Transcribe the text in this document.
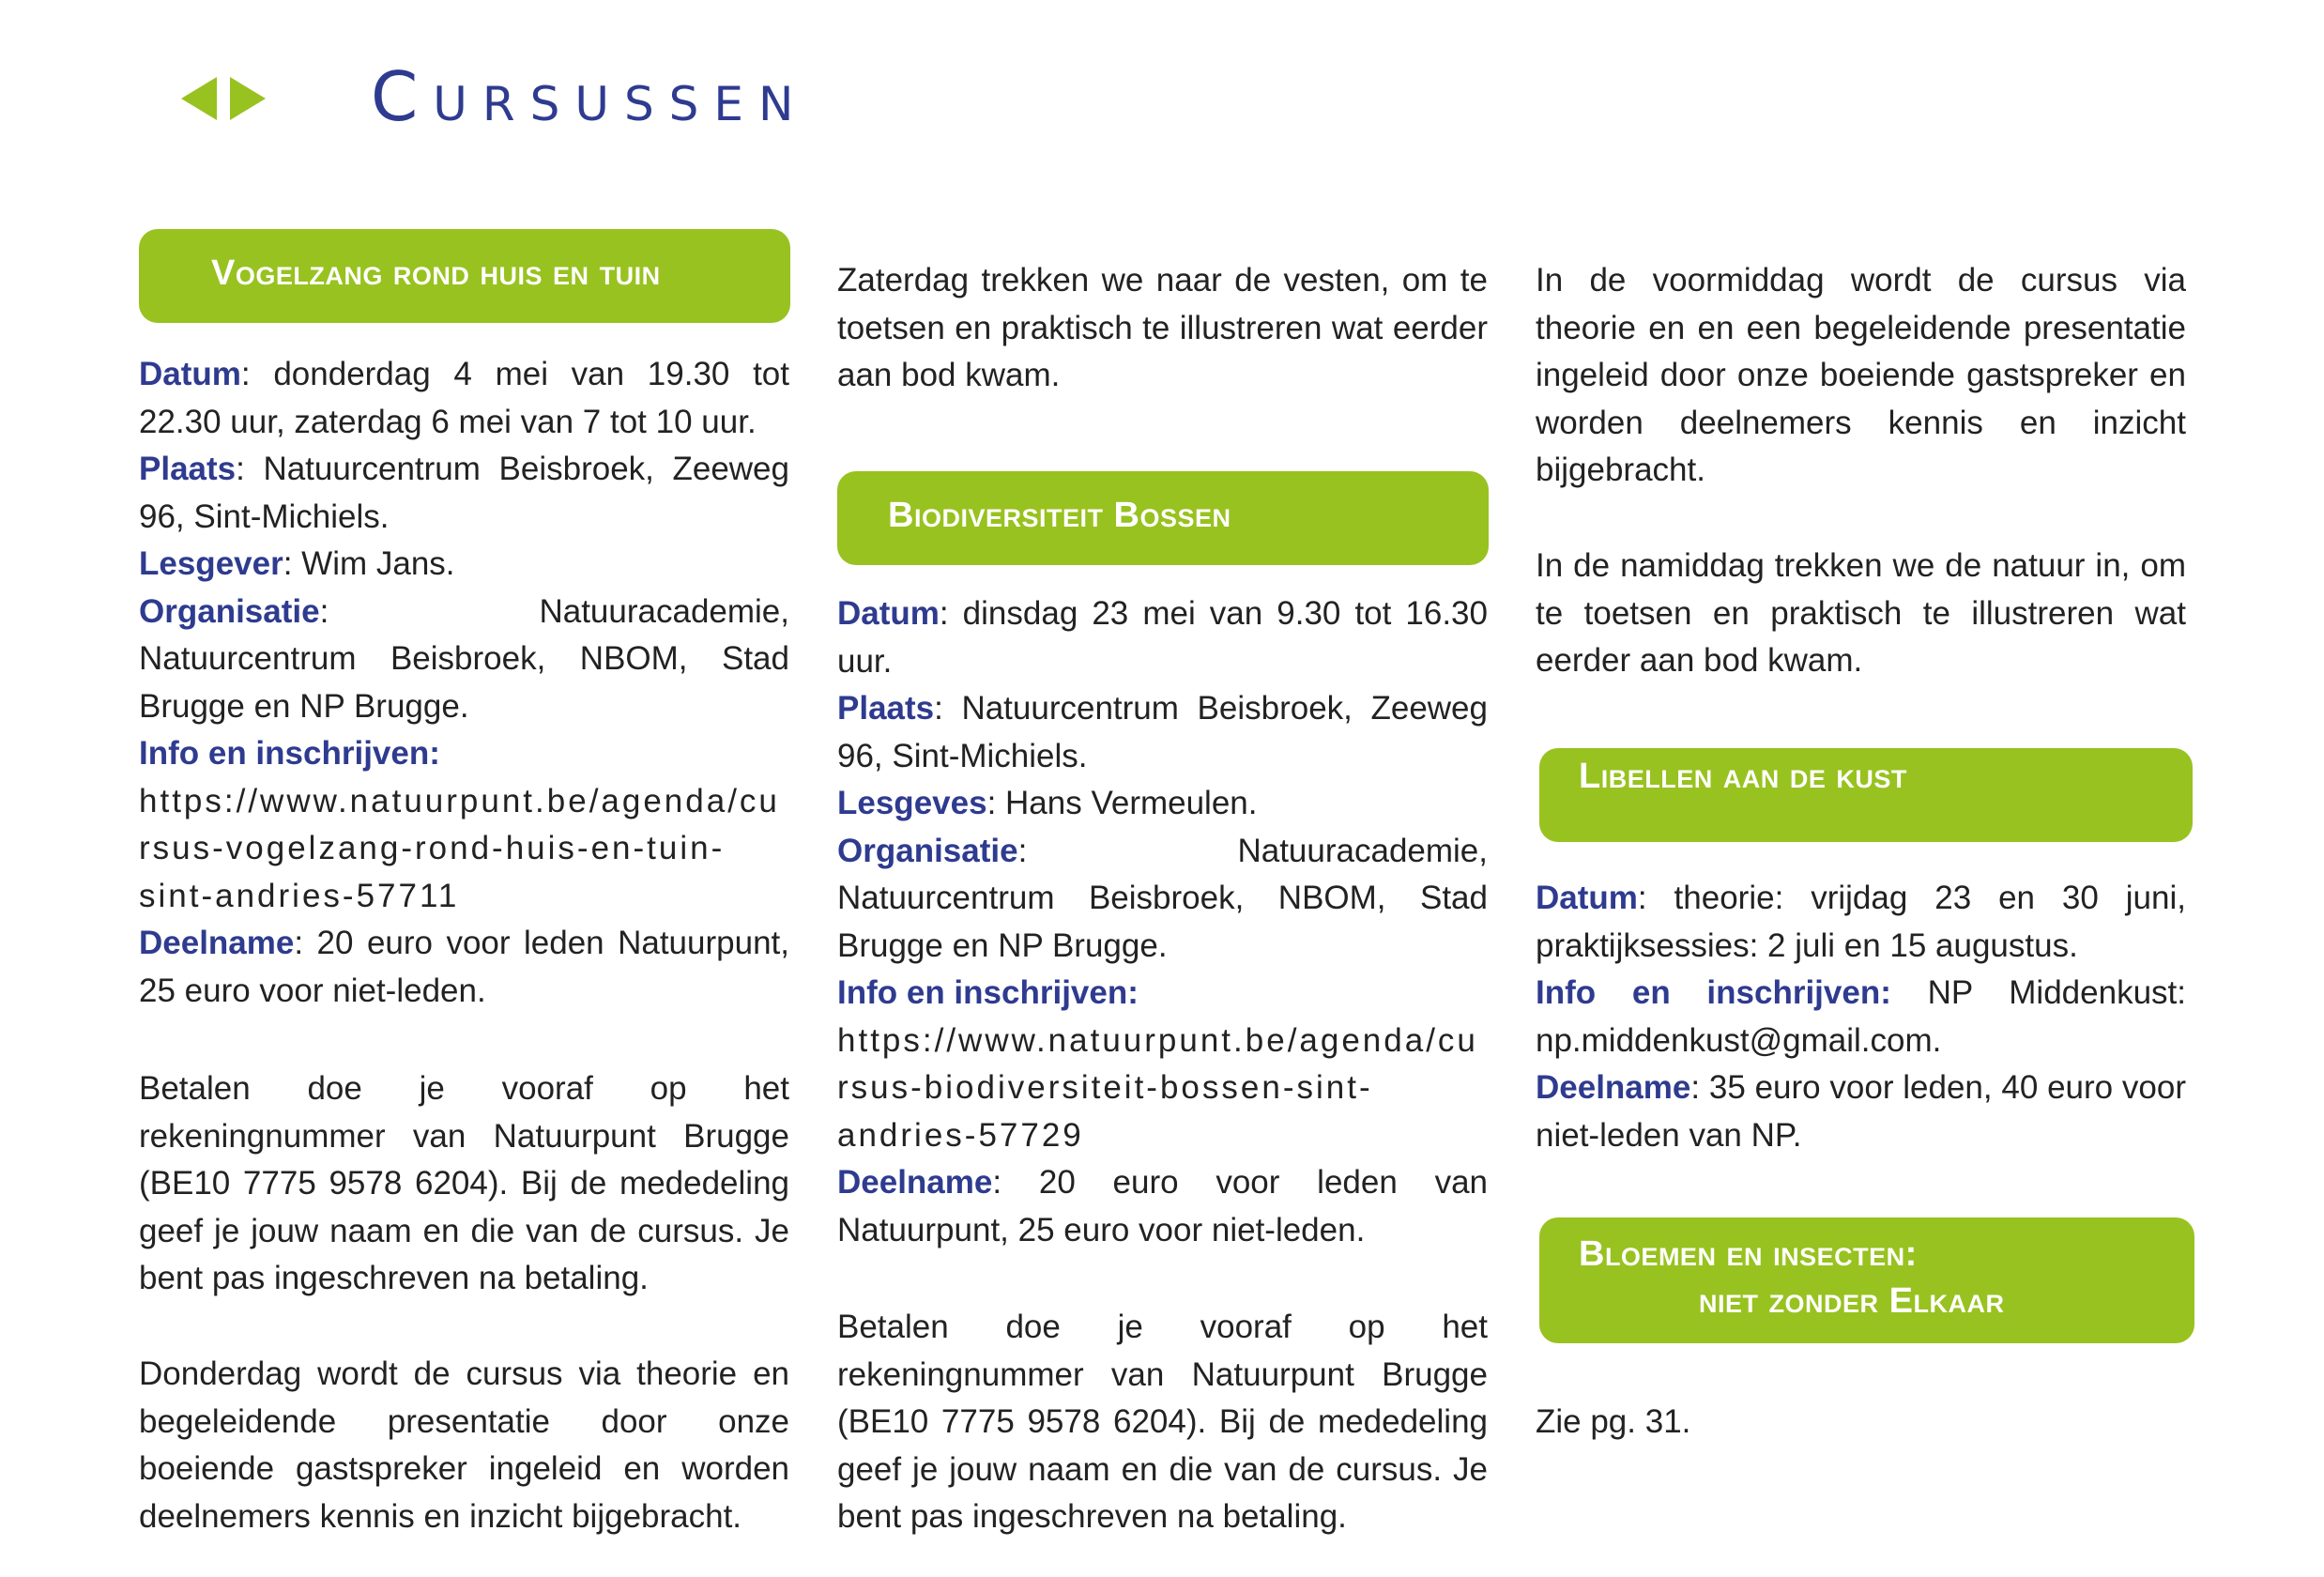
Cursussen
Vogelzang rond huis en tuin
Datum: donderdag 4 mei van 19.30 tot 22.30 uur, zaterdag 6 mei van 7 tot 10 uur.
Plaats: Natuurcentrum Beisbroek, Zeeweg 96, Sint-Michiels.
Lesgever: Wim Jans.
Organisatie: Natuuracademie, Natuurcentrum Beisbroek, NBOM, Stad Brugge en NP Brugge.
Info en inschrijven:
https://www.natuurpunt.be/agenda/cursus-vogelzang-rond-huis-en-tuin-sint-andries-57711
Deelname: 20 euro voor leden Natuurpunt, 25 euro voor niet-leden.

Betalen doe je vooraf op het rekeningnummer van Natuurpunt Brugge (BE10 7775 9578 6204). Bij de mededeling geef je jouw naam en die van de cursus. Je bent pas ingeschreven na betaling.

Donderdag wordt de cursus via theorie en begeleidende presentatie door onze boeiende gastspreker ingeleid en worden deelnemers kennis en inzicht bijgebracht.

Zaterdag trekken we naar de vesten, om te toetsen en praktisch te illustreren wat eerder aan bod kwam.

Biodiversiteit Bossen
Datum: dinsdag 23 mei van 9.30 tot 16.30 uur.
Plaats: Natuurcentrum Beisbroek, Zeeweg 96, Sint-Michiels.
Lesgeves: Hans Vermeulen.
Organisatie: Natuuracademie, Natuurcentrum Beisbroek, NBOM, Stad Brugge en NP Brugge.
Info en inschrijven:
https://www.natuurpunt.be/agenda/cursus-biodiversiteit-bossen-sint-andries-57729
Deelname: 20 euro voor leden van Natuurpunt, 25 euro voor niet-leden.

Betalen doe je vooraf op het rekeningnummer van Natuurpunt Brugge (BE10 7775 9578 6204). Bij de mededeling geef je jouw naam en die van de cursus. Je bent pas ingeschreven na betaling.

In de voormiddag wordt de cursus via theorie en en een begeleidende presentatie ingeleid door onze boeiende gastspreker en worden deelnemers kennis en inzicht bijgebracht.

In de namiddag trekken we de natuur in, om te toetsen en praktisch te illustreren wat eerder aan bod kwam.

Libellen aan de kust
Datum: theorie: vrijdag 23 en 30 juni, praktijksessies: 2 juli en 15 augustus.
Info en inschrijven: NP Middenkust: np.middenkust@gmail.com.
Deelname: 35 euro voor leden, 40 euro voor niet-leden van NP.
Bloemen en insecten:
niet zonder Elkaar

Zie pg. 31.
